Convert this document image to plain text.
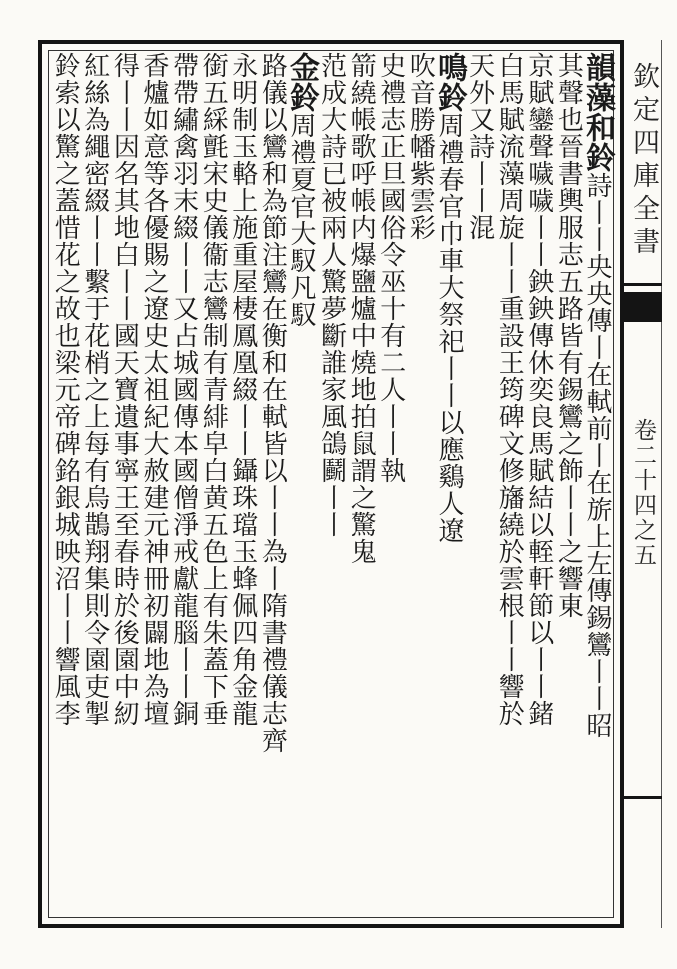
欽定四庫全書
卷二十四之五
韻藻和鈴詩丨丨央央傳丨在軾前丨在旂上左傳錫鸞丨丨昭
其聲也晉書輿服志五路皆有錫鸞之飾丨丨之響東
京賦鑾聲噦噦丨丨鉠鉠傳休奕良馬賦結以輊軒節以丨丨鍺
白馬賦流藻周旋丨丨重設王筠碑文修旛繞於雲根丨丨響於
天外又詩丨丨混
鳴鈴周禮春官巾車大祭祀丨丨以應鷄人遼
吹音勝幡紫雲彩
史禮志正旦國俗令巫十有二人丨丨執
箭繞帳歌呼帳内爆鹽爐中燒地拍鼠謂之驚鬼
范成大詩已被兩人驚夢斷誰家風鴿鬬丨丨
金鈴周禮夏官大馭凡馭
路儀以鸞和為節注鸞在衡和在軾皆以丨丨為丨隋書禮儀志齊
永明制玉輅上施重屋棲鳳凰綴丨丨鑷珠璫玉蜂佩四角金龍
銜五綵氈宋史儀衞志鸞制有青緋皁白黄五色上有朱蓋下垂
帶帶繡禽羽末綴丨丨又占城國傳本國僧淨戒獻龍腦丨丨銅
香爐如意等各優賜之遼史太祖紀大赦建元神冊初闢地為壇
得丨丨因名其地白丨丨國天寶遺事寧王至春時於後園中紉
紅絲為繩密綴丨丨繫于花梢之上每有烏鵲翔集則令園吏掣
鈴索以驚之蓋惜花之故也梁元帝碑銘銀城映沼丨丨響風李
